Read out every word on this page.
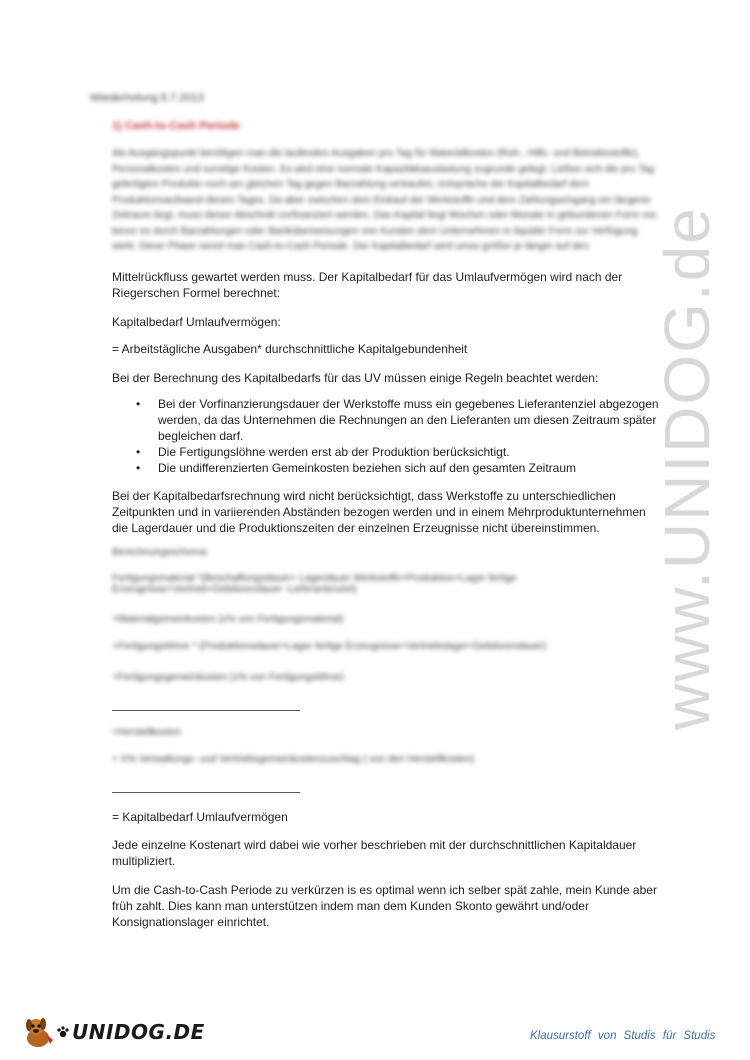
Wiederholung 8.7.2013
1) Cash-to-Cash Periode
Als Ausgangspunkt benötigen man die laufenden Ausgaben pro Tag für Materialkosten (Roh-, Hilfs- und Betriebsstoffe), Personalkosten und sonstige Kosten. Es wird eine normale Kapazitätsauslastung zugrunde gelegt. Ließen sich die pro Tag gefertigten Produkte noch am gleichen Tag gegen Barzahlung verkaufen, entspräche der Kapitalbedarf dem Produktionsaufwand dieses Tages. Da aber zwischen dem Einkauf der Werkstoffe und dem Zahlungseingang ein längerer Zeitraum liegt, muss dieser Abschnitt vorfinanziert werden. Das Kapital liegt Wochen oder Monate in gebundenen Form vor, bevor es durch Barzahlungen oder Banküberweisungen von Kunden dem Unternehmen in liquider Form zur Verfügung steht. Diese Phase nennt man Cash-to-Cash Periode. Der Kapitalbedarf wird umso größer je länger auf den
Mittelrückfluss gewartet werden muss. Der Kapitalbedarf für das Umlaufvermögen wird nach der Riegerschen Formel berechnet:
Kapitalbedarf Umlaufvermögen:
= Arbeitstägliche Ausgaben* durchschnittliche Kapitalgebundenheit
Bei der Berechnung des Kapitalbedarfs für das UV müssen einige Regeln beachtet werden:
• Bei der Vorfinanzierungsdauer der Werkstoffe muss ein gegebenes Lieferantenziel abgezogen werden, da das Unternehmen die Rechnungen an den Lieferanten um diesen Zeitraum später begleichen darf.
• Die Fertigungslöhne werden erst ab der Produktion berücksichtigt.
• Die undifferenzierten Gemeinkosten beziehen sich auf den gesamten Zeitraum
Bei der Kapitalbedarfsrechnung wird nicht berücksichtigt, dass Werkstoffe zu unterschiedlichen Zeitpunkten und in variierenden Abständen bezogen werden und in einem Mehrproduktunternehmen die Lagerdauer und die Produktionszeiten der einzelnen Erzeugnisse nicht übereinstimmen.
Berechnungsschema:
Fertigungsmaterial *(Beschaffungsdauer+ Lagerdauer Werkstoffe+Produktion+Lager fertige Erzeugnisse+Vertrieb+Debitorendauer -Lieferantenziel)
+Materialgemeinkosten (x% von Fertigungsmaterial)
+Fertigungslöhne * (Produktionsdauer+Lager fertige Erzeugnisse+Vertriebslager+Debitorendauer)
+Fertigungsgemeinkosten (x% von Fertigungslöhne)
=Herstellkosten
+ X% Verwaltungs- und Vertriebsgemeinkostenzuschlag ( von den Herstellkosten)
= Kapitalbedarf Umlaufvermögen
Jede einzelne Kostenart wird dabei wie vorher beschrieben mit der durchschnittlichen Kapitaldauer multipliziert.
Um die Cash-to-Cash Periode zu verkürzen is es optimal wenn ich selber spät zahle, mein Kunde aber früh zahlt. Dies kann man unterstützen indem man dem Kunden Skonto gewährt und/oder Konsignationslager einrichtet.
www.UNIDOG.de
UNIDOG.DE	Klausurstoff von Studis für Studis
